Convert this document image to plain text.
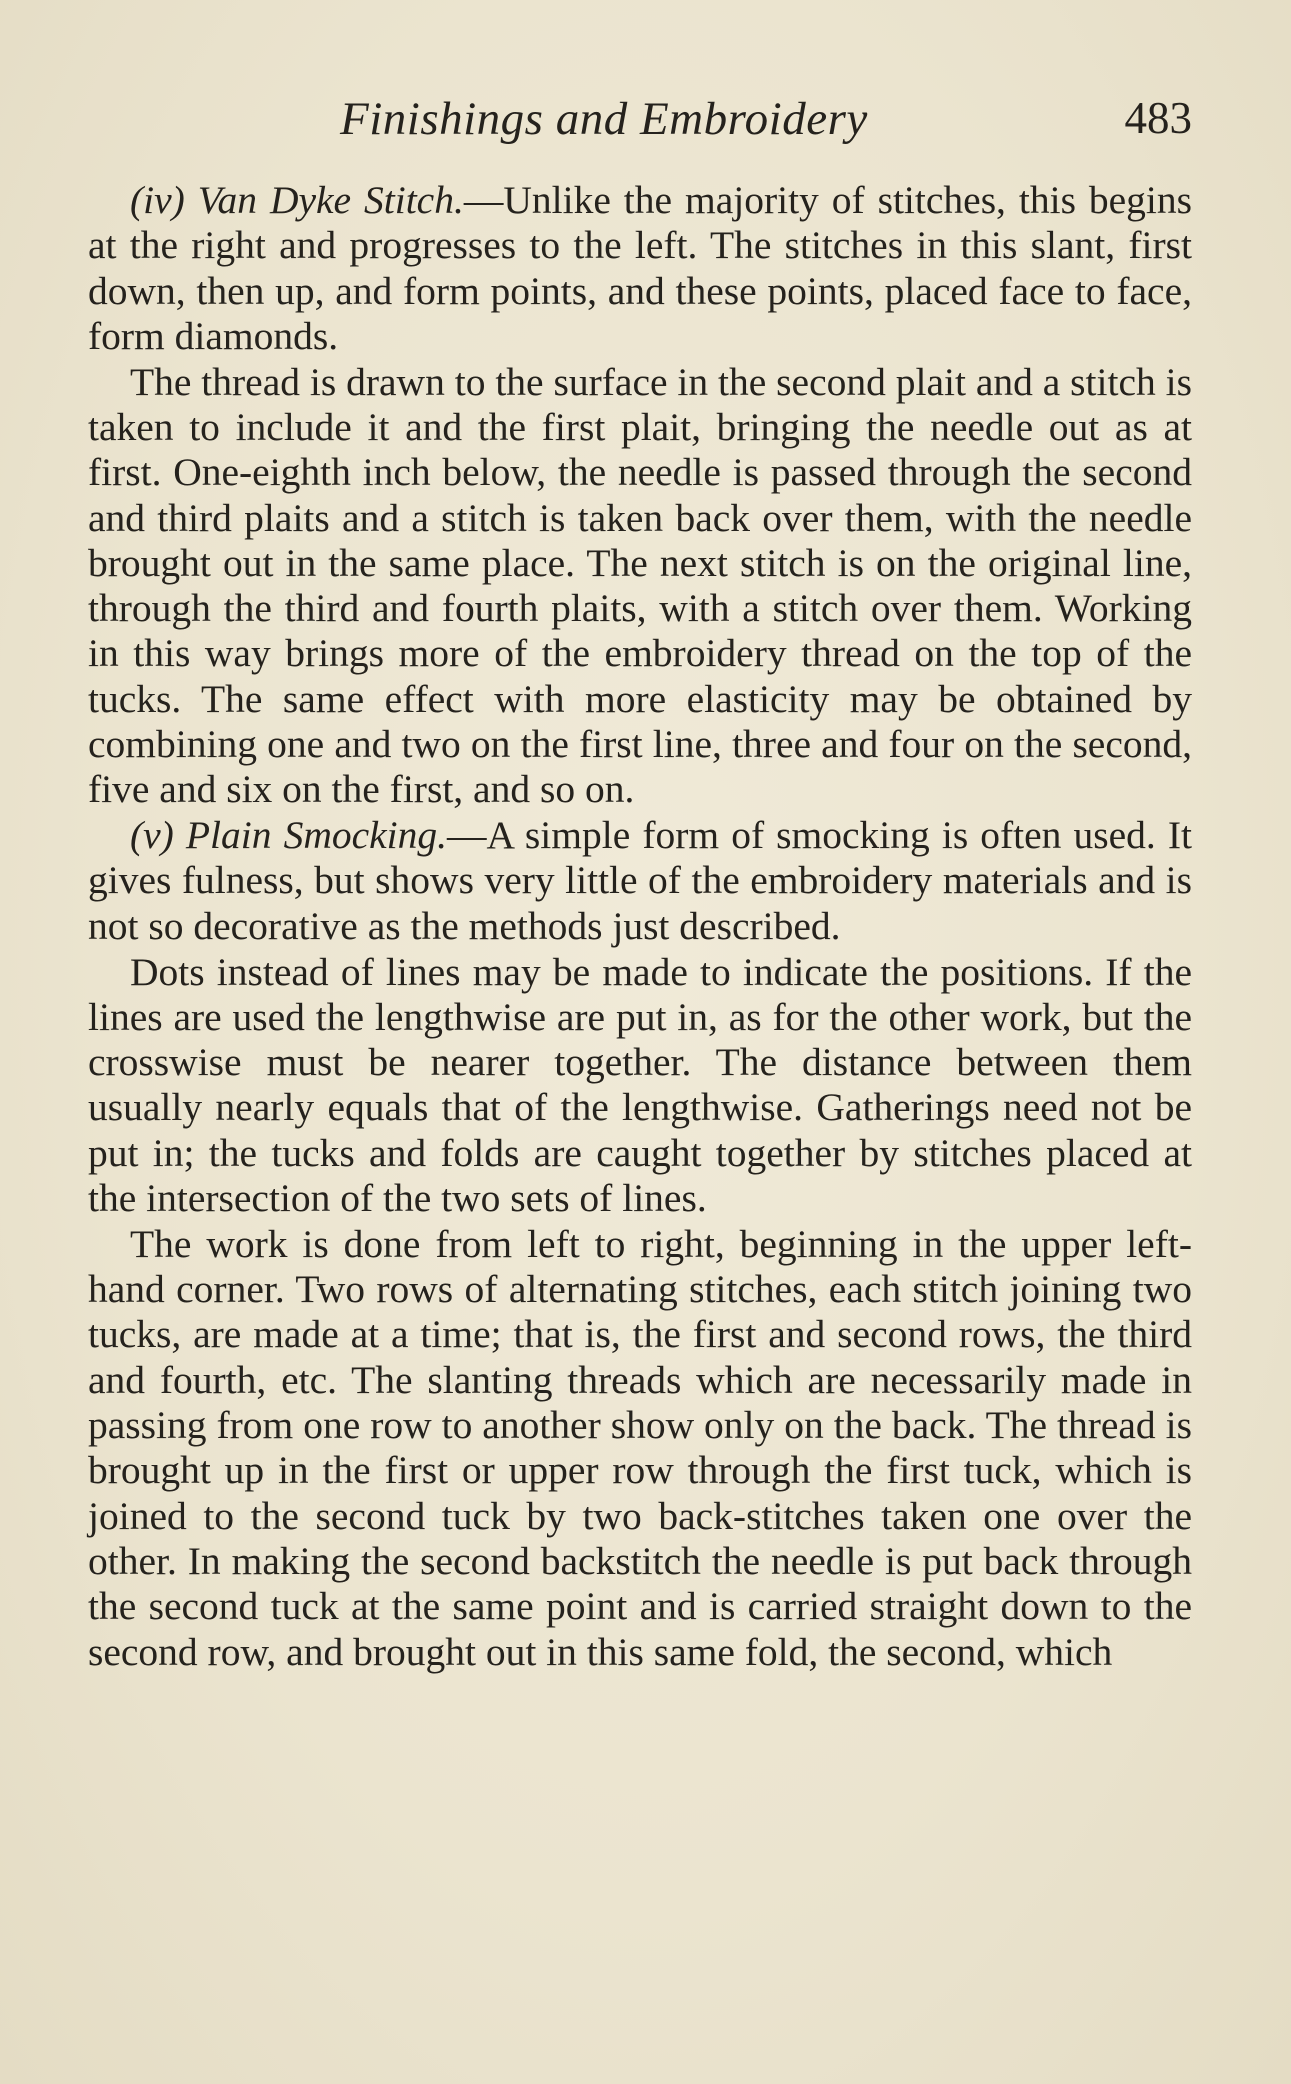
Finishings and Embroidery	483

(iv) Van Dyke Stitch.—Unlike the majority of stitches, this begins at the right and progresses to the left. The stitches in this slant, first down, then up, and form points, and these points, placed face to face, form diamonds.

The thread is drawn to the surface in the second plait and a stitch is taken to include it and the first plait, bringing the needle out as at first. One-eighth inch below, the needle is passed through the second and third plaits and a stitch is taken back over them, with the needle brought out in the same place. The next stitch is on the original line, through the third and fourth plaits, with a stitch over them. Working in this way brings more of the embroidery thread on the top of the tucks. The same effect with more elasticity may be obtained by combining one and two on the first line, three and four on the second, five and six on the first, and so on.

(v) Plain Smocking.—A simple form of smocking is often used. It gives fulness, but shows very little of the embroidery materials and is not so decorative as the methods just described.

Dots instead of lines may be made to indicate the positions. If the lines are used the lengthwise are put in, as for the other work, but the crosswise must be nearer together. The distance between them usually nearly equals that of the lengthwise. Gatherings need not be put in; the tucks and folds are caught together by stitches placed at the intersection of the two sets of lines.

The work is done from left to right, beginning in the upper left-hand corner. Two rows of alternating stitches, each stitch joining two tucks, are made at a time; that is, the first and second rows, the third and fourth, etc. The slanting threads which are necessarily made in passing from one row to another show only on the back. The thread is brought up in the first or upper row through the first tuck, which is joined to the second tuck by two back-stitches taken one over the other. In making the second backstitch the needle is put back through the second tuck at the same point and is carried straight down to the second row, and brought out in this same fold, the second, which
